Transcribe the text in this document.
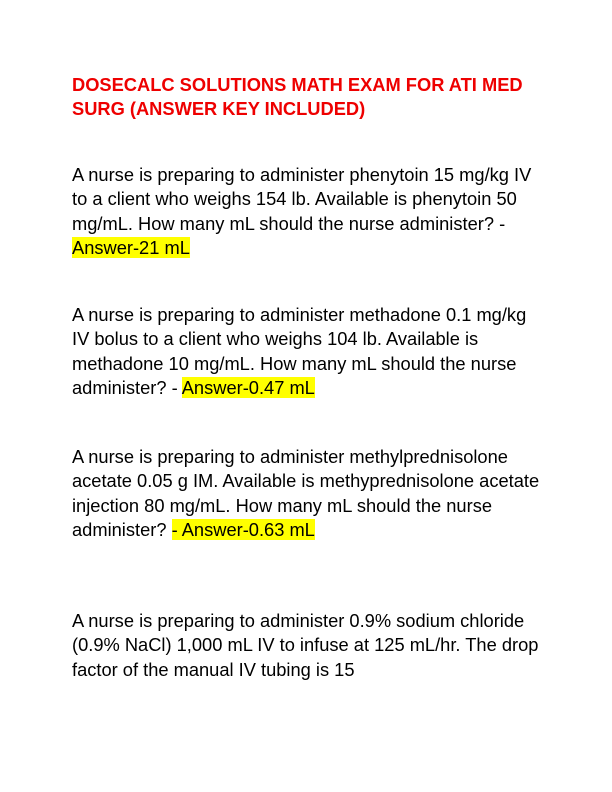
DOSECALC SOLUTIONS MATH EXAM FOR ATI MED SURG (ANSWER KEY INCLUDED)

A nurse is preparing to administer phenytoin 15 mg/kg IV to a client who weighs 154 lb. Available is phenytoin 50 mg/mL. How many mL should the nurse administer? - Answer-21 mL

A nurse is preparing to administer methadone 0.1 mg/kg IV bolus to a client who weighs 104 lb. Available is methadone 10 mg/mL. How many mL should the nurse administer? - Answer-0.47 mL

A nurse is preparing to administer methylprednisolone acetate 0.05 g IM. Available is methyprednisolone acetate injection 80 mg/mL. How many mL should the nurse administer? - Answer-0.63 mL

A nurse is preparing to administer 0.9% sodium chloride (0.9% NaCl) 1,000 mL IV to infuse at 125 mL/hr. The drop factor of the manual IV tubing is 15
